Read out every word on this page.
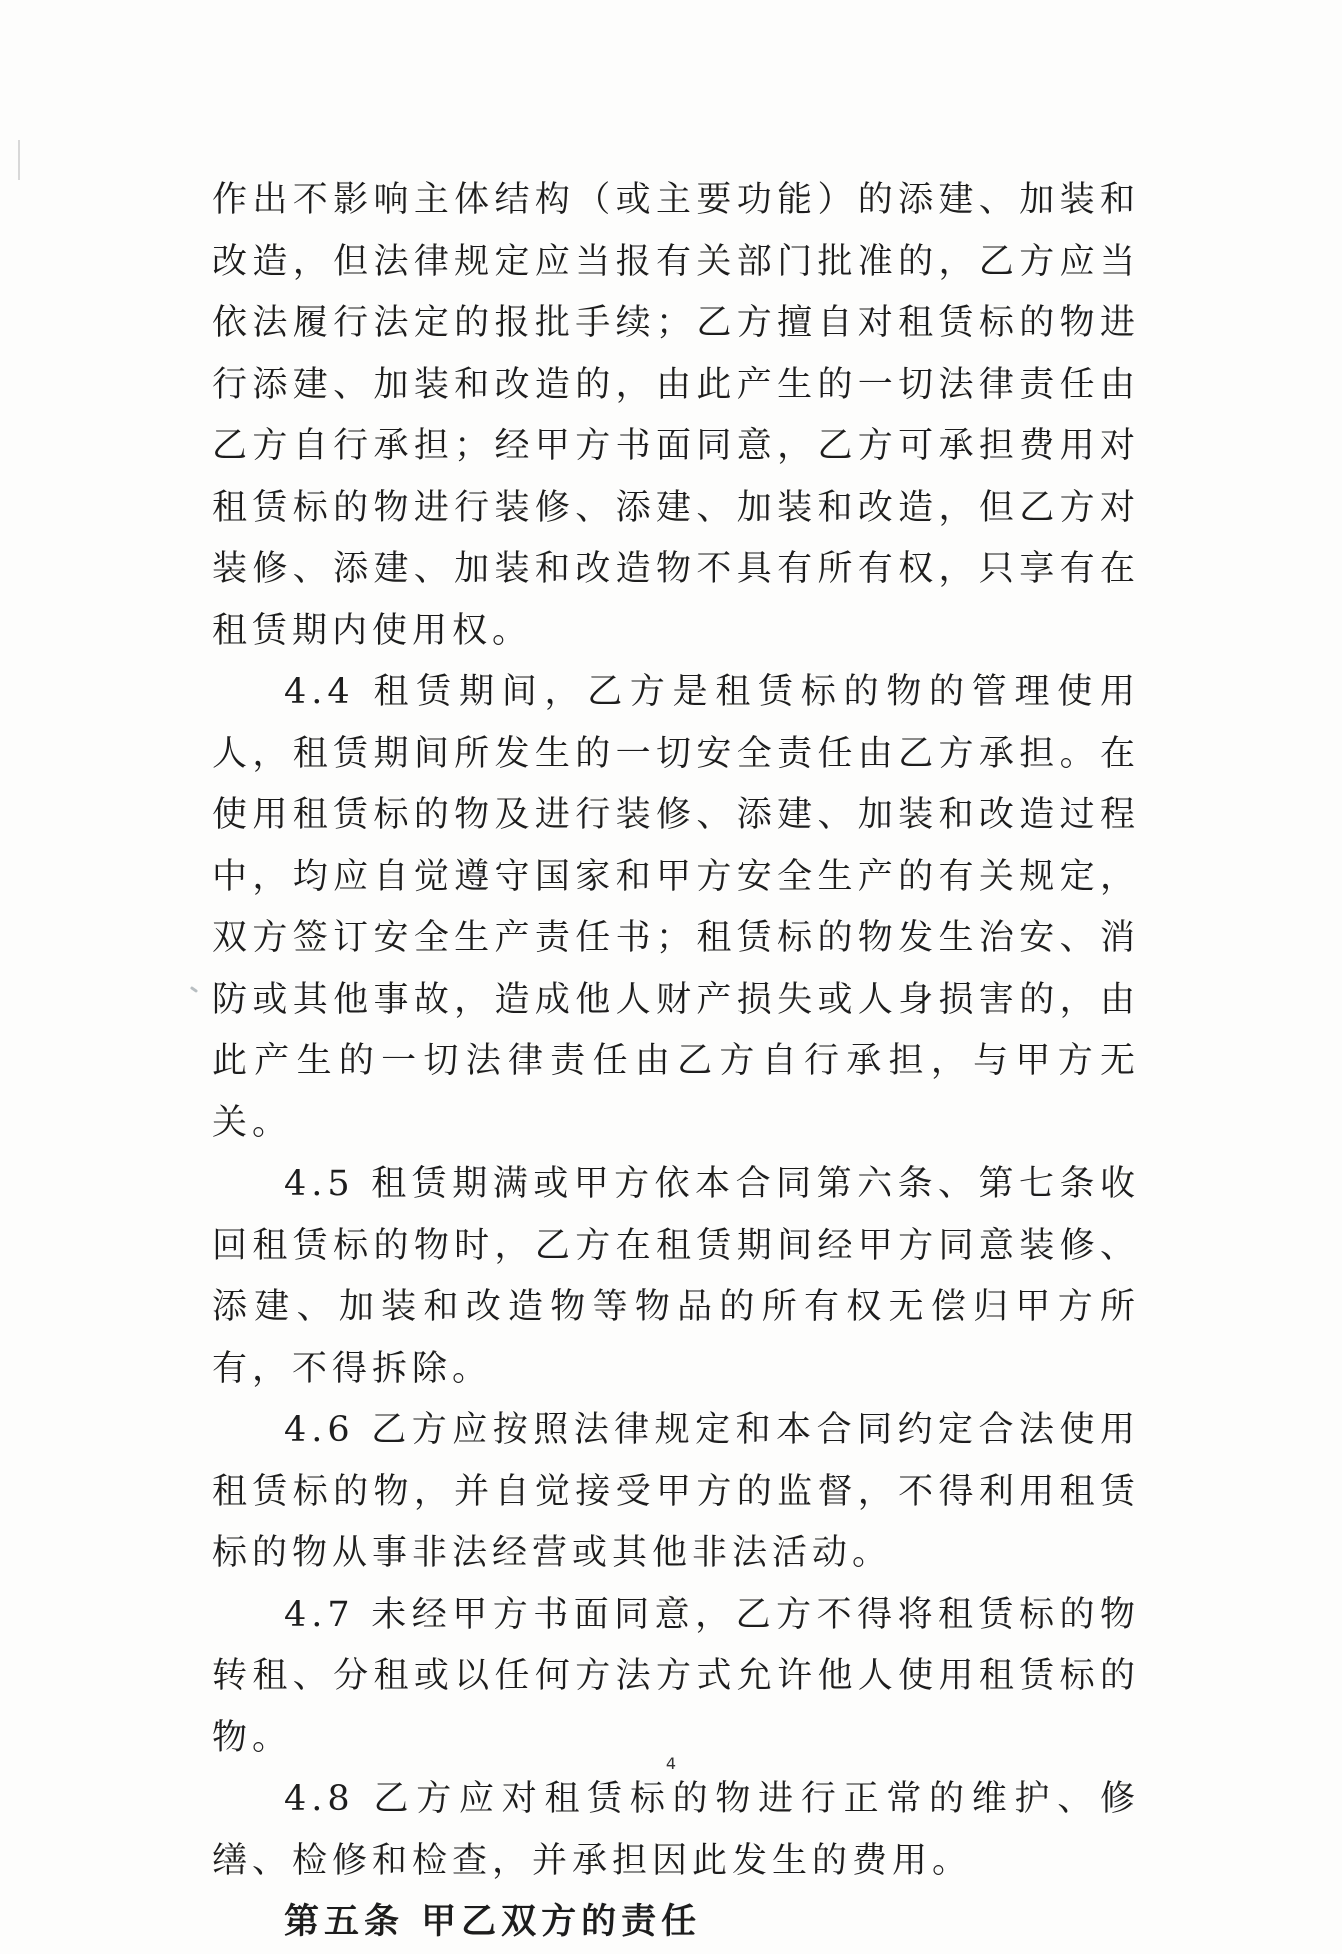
作出不影响主体结构（或主要功能）的添建、加装和改造，但法律规定应当报有关部门批准的，乙方应当依法履行法定的报批手续；乙方擅自对租赁标的物进行添建、加装和改造的，由此产生的一切法律责任由乙方自行承担；经甲方书面同意，乙方可承担费用对租赁标的物进行装修、添建、加装和改造，但乙方对装修、添建、加装和改造物不具有所有权，只享有在租赁期内使用权。

4.4 租赁期间，乙方是租赁标的物的管理使用人，租赁期间所发生的一切安全责任由乙方承担。在使用租赁标的物及进行装修、添建、加装和改造过程中，均应自觉遵守国家和甲方安全生产的有关规定，双方签订安全生产责任书；租赁标的物发生治安、消防或其他事故，造成他人财产损失或人身损害的，由此产生的一切法律责任由乙方自行承担，与甲方无关。

4.5 租赁期满或甲方依本合同第六条、第七条收回租赁标的物时，乙方在租赁期间经甲方同意装修、添建、加装和改造物等物品的所有权无偿归甲方所有，不得拆除。

4.6 乙方应按照法律规定和本合同约定合法使用租赁标的物，并自觉接受甲方的监督，不得利用租赁标的物从事非法经营或其他非法活动。

4.7 未经甲方书面同意，乙方不得将租赁标的物转租、分租或以任何方法方式允许他人使用租赁标的物。

4.8 乙方应对租赁标的物进行正常的维护、修缮、检修和检查，并承担因此发生的费用。

第五条 甲乙双方的责任

4
